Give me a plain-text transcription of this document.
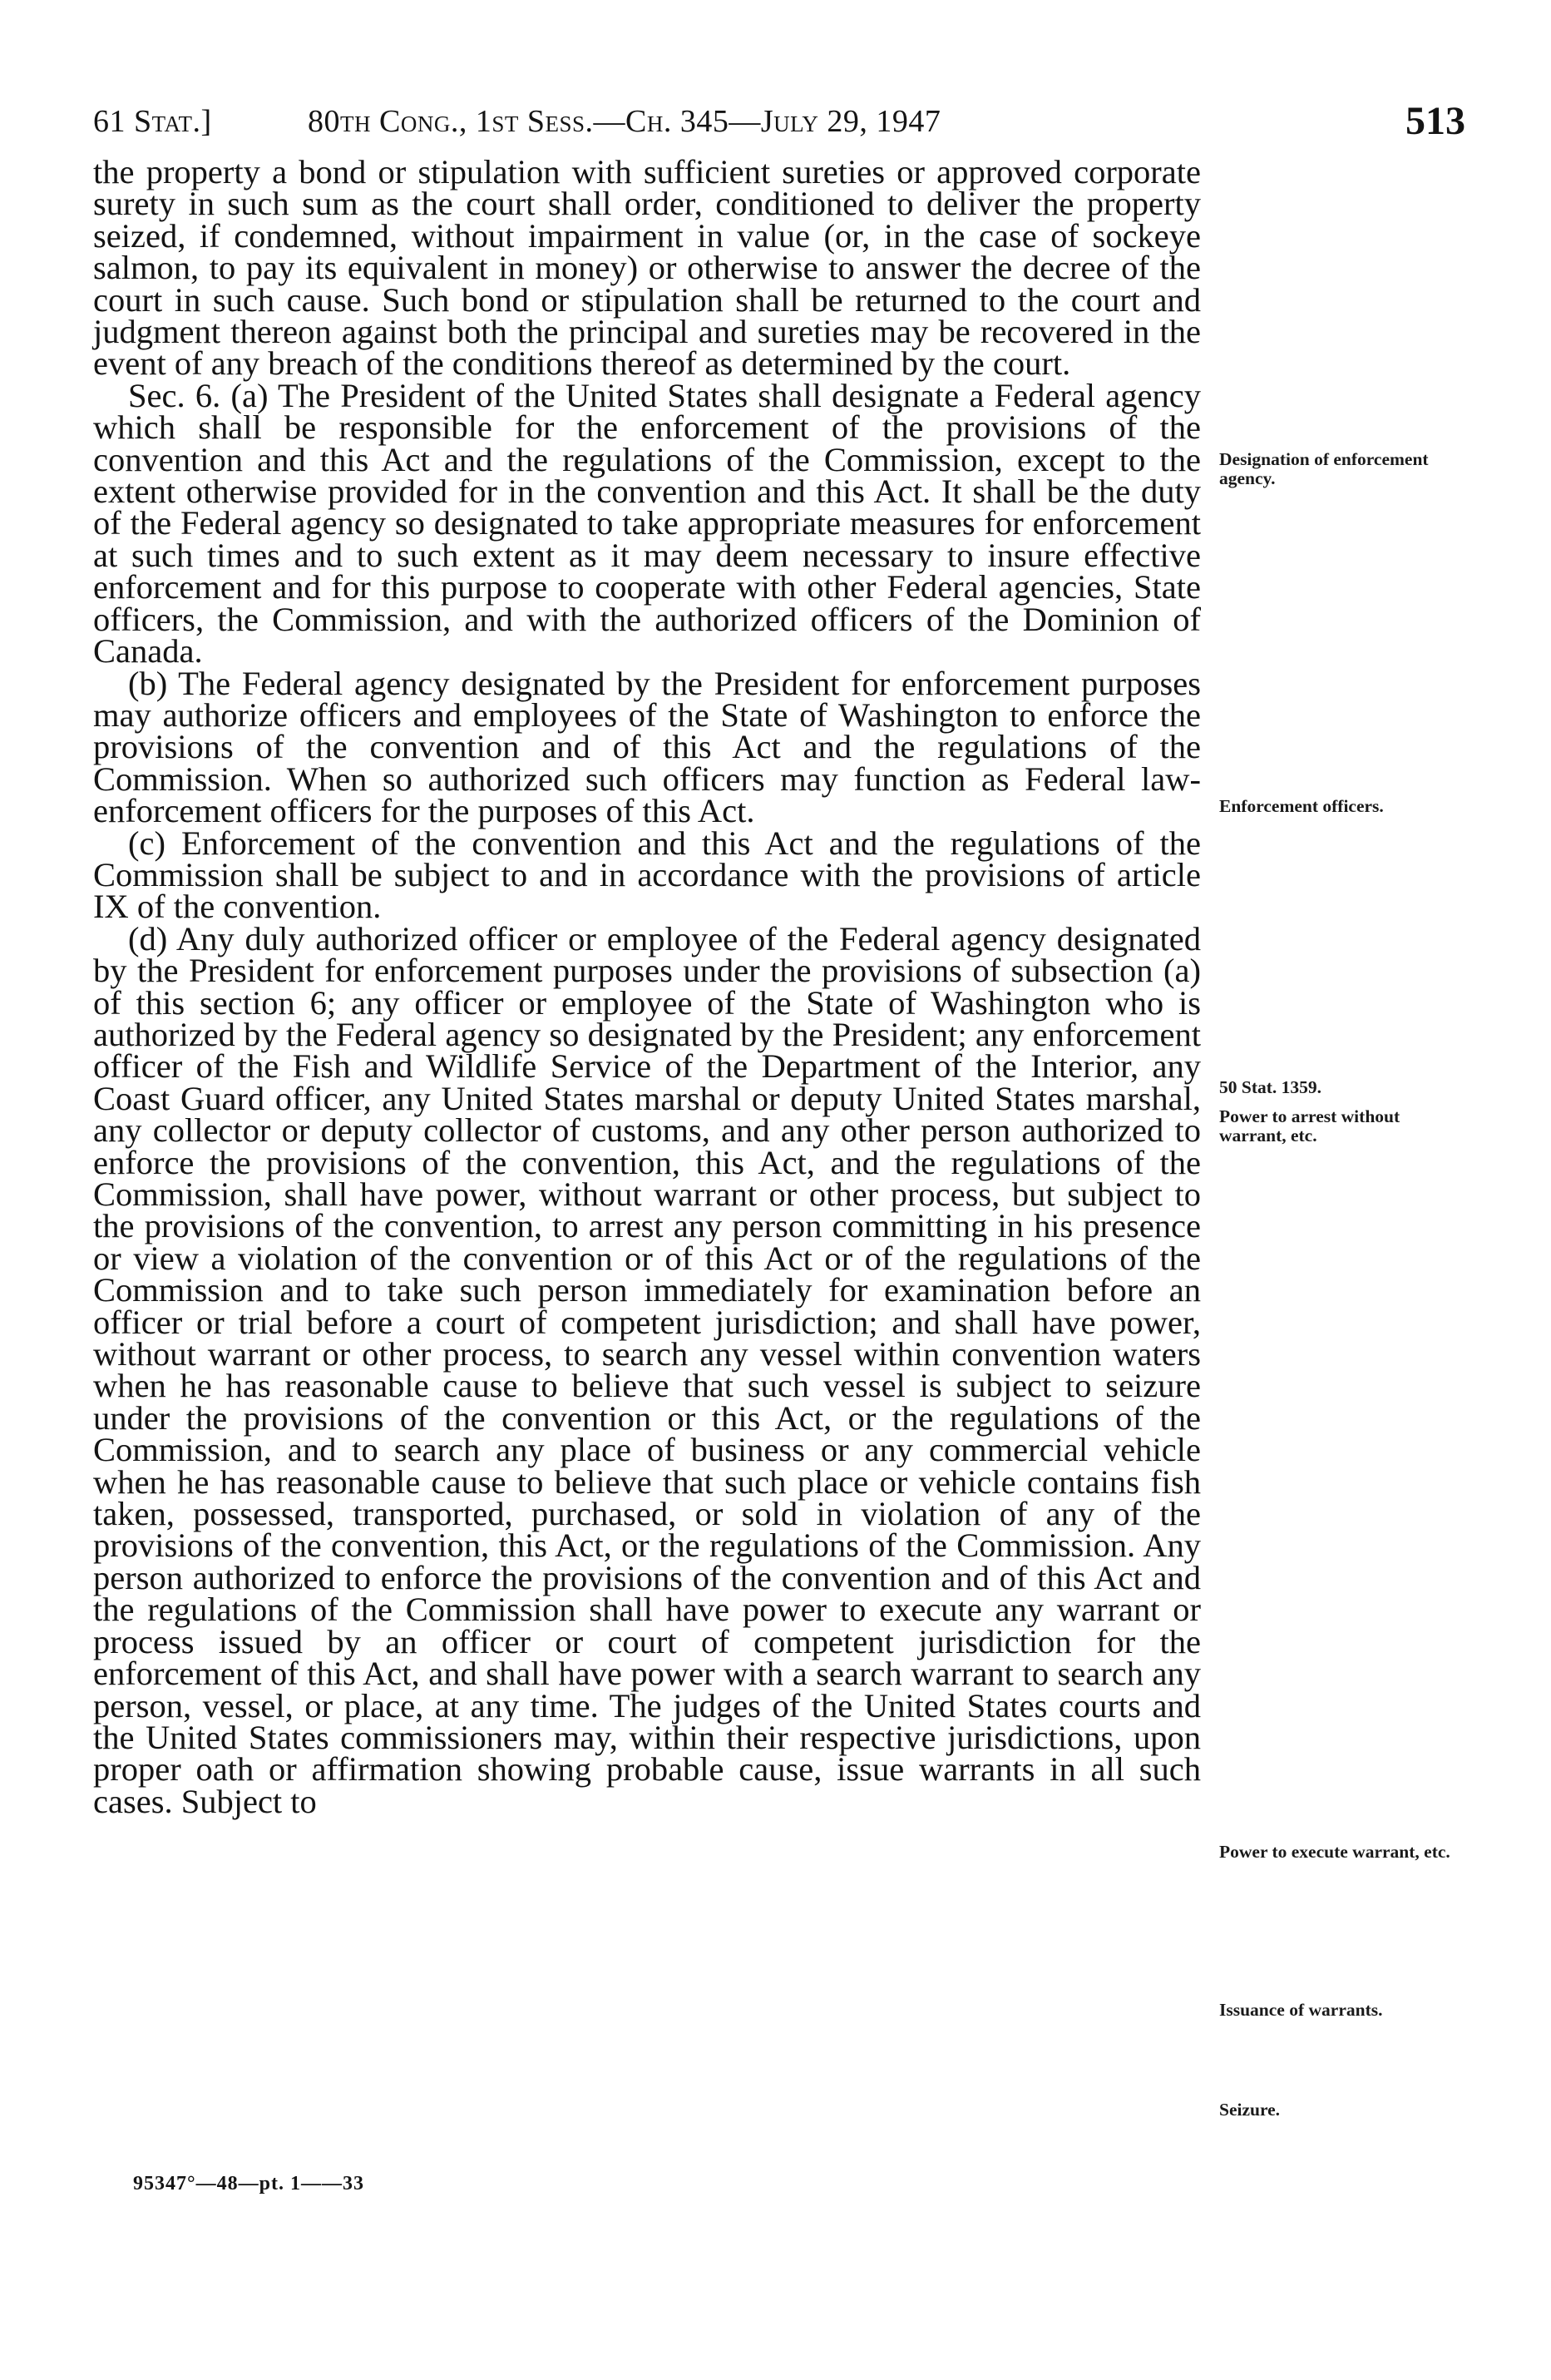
61 Stat.]	80th Cong., 1st Sess.—Ch. 345—July 29, 1947	513

the property a bond or stipulation with sufficient sureties or approved corporate surety in such sum as the court shall order, conditioned to deliver the property seized, if condemned, without impairment in value (or, in the case of sockeye salmon, to pay its equivalent in money) or otherwise to answer the decree of the court in such cause. Such bond or stipulation shall be returned to the court and judgment thereon against both the principal and sureties may be recovered in the event of any breach of the conditions thereof as determined by the court.

Sec. 6. (a) The President of the United States shall designate a Federal agency which shall be responsible for the enforcement of the provisions of the convention and this Act and the regulations of the Commission, except to the extent otherwise provided for in the convention and this Act. It shall be the duty of the Federal agency so designated to take appropriate measures for enforcement at such times and to such extent as it may deem necessary to insure effective enforcement and for this purpose to cooperate with other Federal agencies, State officers, the Commission, and with the authorized officers of the Dominion of Canada.

(b) The Federal agency designated by the President for enforcement purposes may authorize officers and employees of the State of Washington to enforce the provisions of the convention and of this Act and the regulations of the Commission. When so authorized such officers may function as Federal law-enforcement officers for the purposes of this Act.

(c) Enforcement of the convention and this Act and the regulations of the Commission shall be subject to and in accordance with the provisions of article IX of the convention.

(d) Any duly authorized officer or employee of the Federal agency designated by the President for enforcement purposes under the provisions of subsection (a) of this section 6; any officer or employee of the State of Washington who is authorized by the Federal agency so designated by the President; any enforcement officer of the Fish and Wildlife Service of the Department of the Interior, any Coast Guard officer, any United States marshal or deputy United States marshal, any collector or deputy collector of customs, and any other person authorized to enforce the provisions of the convention, this Act, and the regulations of the Commission, shall have power, without warrant or other process, but subject to the provisions of the convention, to arrest any person committing in his presence or view a violation of the convention or of this Act or of the regulations of the Commission and to take such person immediately for examination before an officer or trial before a court of competent jurisdiction; and shall have power, without warrant or other process, to search any vessel within convention waters when he has reasonable cause to believe that such vessel is subject to seizure under the provisions of the convention or this Act, or the regulations of the Commission, and to search any place of business or any commercial vehicle when he has reasonable cause to believe that such place or vehicle contains fish taken, possessed, transported, purchased, or sold in violation of any of the provisions of the convention, this Act, or the regulations of the Commission. Any person authorized to enforce the provisions of the convention and of this Act and the regulations of the Commission shall have power to execute any warrant or process issued by an officer or court of competent jurisdiction for the enforcement of this Act, and shall have power with a search warrant to search any person, vessel, or place, at any time. The judges of the United States courts and the United States commissioners may, within their respective jurisdictions, upon proper oath or affirmation showing probable cause, issue warrants in all such cases. Subject to

Designation of enforcement agency.
Enforcement officers.
50 Stat. 1359.
Power to arrest without warrant, etc.
Power to execute warrant, etc.
Issuance of warrants.
Seizure.
95347°—48—pt. 1——33
